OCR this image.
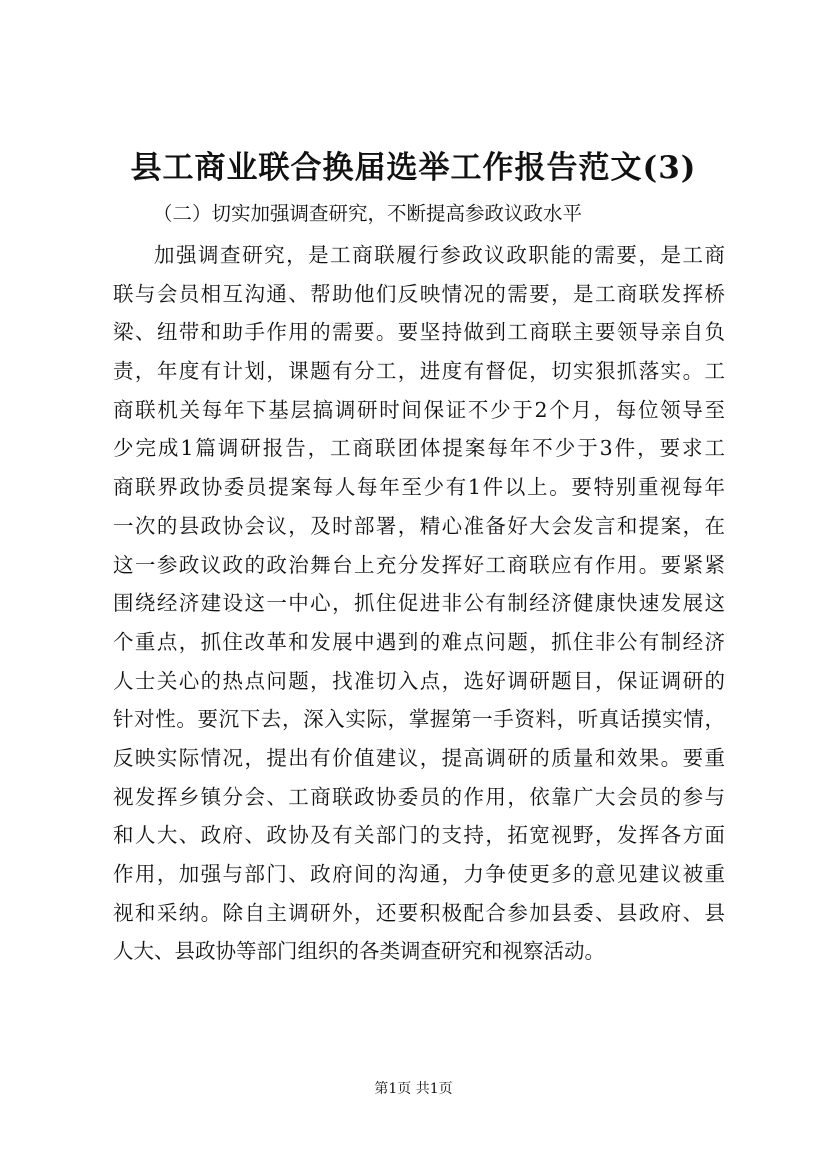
县工商业联合换届选举工作报告范文(3)

（二）切实加强调查研究，不断提高参政议政水平

加强调查研究，是工商联履行参政议政职能的需要，是工商
联与会员相互沟通、帮助他们反映情况的需要，是工商联发挥桥
梁、纽带和助手作用的需要。要坚持做到工商联主要领导亲自负
责，年度有计划，课题有分工，进度有督促，切实狠抓落实。工
商联机关每年下基层搞调研时间保证不少于2个月，每位领导至
少完成1篇调研报告，工商联团体提案每年不少于3件，要求工
商联界政协委员提案每人每年至少有1件以上。要特别重视每年
一次的县政协会议，及时部署，精心准备好大会发言和提案，在
这一参政议政的政治舞台上充分发挥好工商联应有作用。要紧紧
围绕经济建设这一中心，抓住促进非公有制经济健康快速发展这
个重点，抓住改革和发展中遇到的难点问题，抓住非公有制经济
人士关心的热点问题，找准切入点，选好调研题目，保证调研的
针对性。要沉下去，深入实际，掌握第一手资料，听真话摸实情，
反映实际情况，提出有价值建议，提高调研的质量和效果。要重
视发挥乡镇分会、工商联政协委员的作用，依靠广大会员的参与
和人大、政府、政协及有关部门的支持，拓宽视野，发挥各方面
作用，加强与部门、政府间的沟通，力争使更多的意见建议被重
视和采纳。除自主调研外，还要积极配合参加县委、县政府、县
人大、县政协等部门组织的各类调查研究和视察活动。

第1页 共1页
